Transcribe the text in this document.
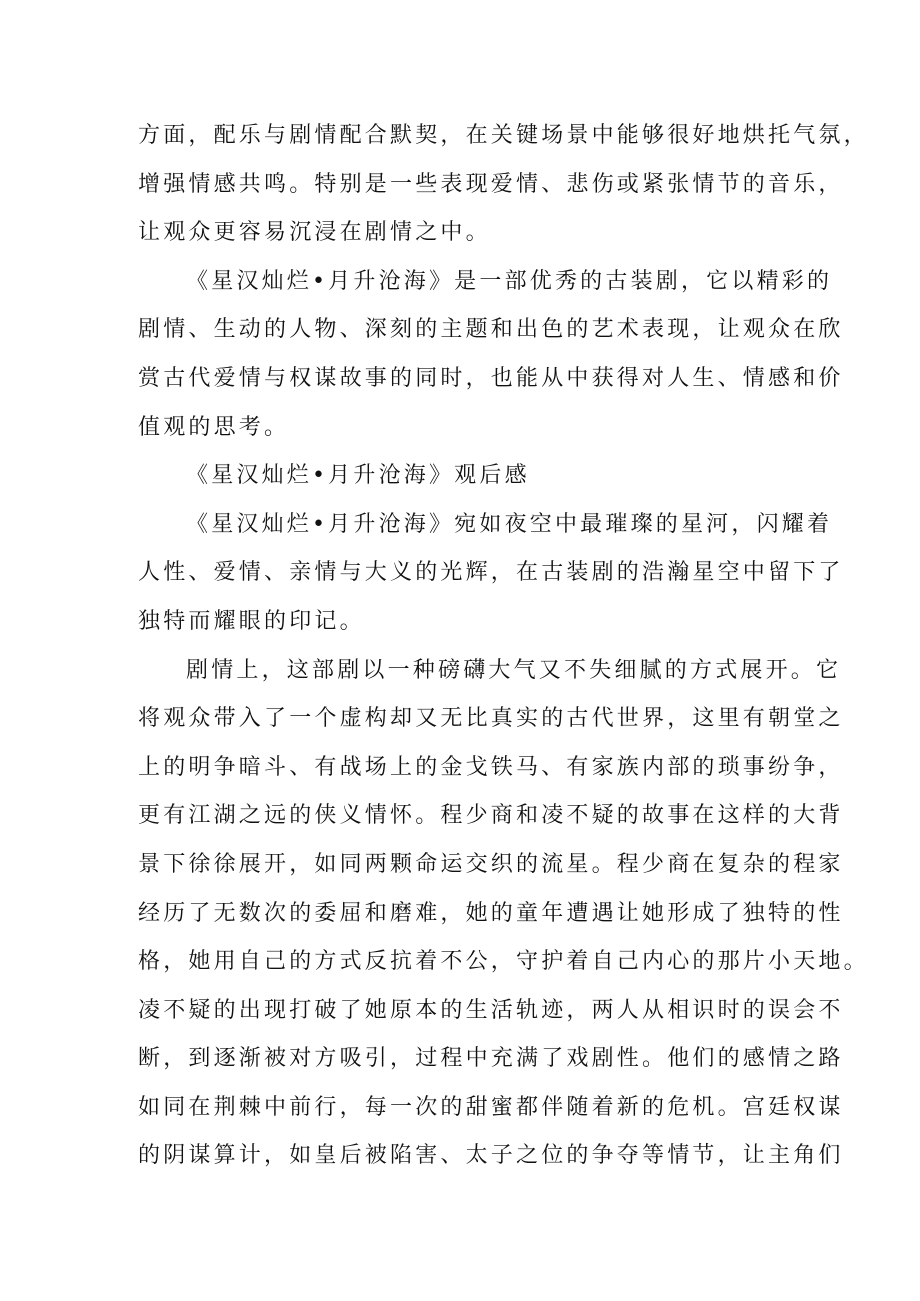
方面，配乐与剧情配合默契，在关键场景中能够很好地烘托气氛，
增强情感共鸣。特别是一些表现爱情、悲伤或紧张情节的音乐，
让观众更容易沉浸在剧情之中。
《星汉灿烂•月升沧海》是一部优秀的古装剧，它以精彩的
剧情、生动的人物、深刻的主题和出色的艺术表现，让观众在欣
赏古代爱情与权谋故事的同时，也能从中获得对人生、情感和价
值观的思考。
《星汉灿烂•月升沧海》观后感
《星汉灿烂•月升沧海》宛如夜空中最璀璨的星河，闪耀着
人性、爱情、亲情与大义的光辉，在古装剧的浩瀚星空中留下了
独特而耀眼的印记。
剧情上，这部剧以一种磅礴大气又不失细腻的方式展开。它
将观众带入了一个虚构却又无比真实的古代世界，这里有朝堂之
上的明争暗斗、有战场上的金戈铁马、有家族内部的琐事纷争，
更有江湖之远的侠义情怀。程少商和凌不疑的故事在这样的大背
景下徐徐展开，如同两颗命运交织的流星。程少商在复杂的程家
经历了无数次的委屈和磨难，她的童年遭遇让她形成了独特的性
格，她用自己的方式反抗着不公，守护着自己内心的那片小天地。
凌不疑的出现打破了她原本的生活轨迹，两人从相识时的误会不
断，到逐渐被对方吸引，过程中充满了戏剧性。他们的感情之路
如同在荆棘中前行，每一次的甜蜜都伴随着新的危机。宫廷权谋
的阴谋算计，如皇后被陷害、太子之位的争夺等情节，让主角们
